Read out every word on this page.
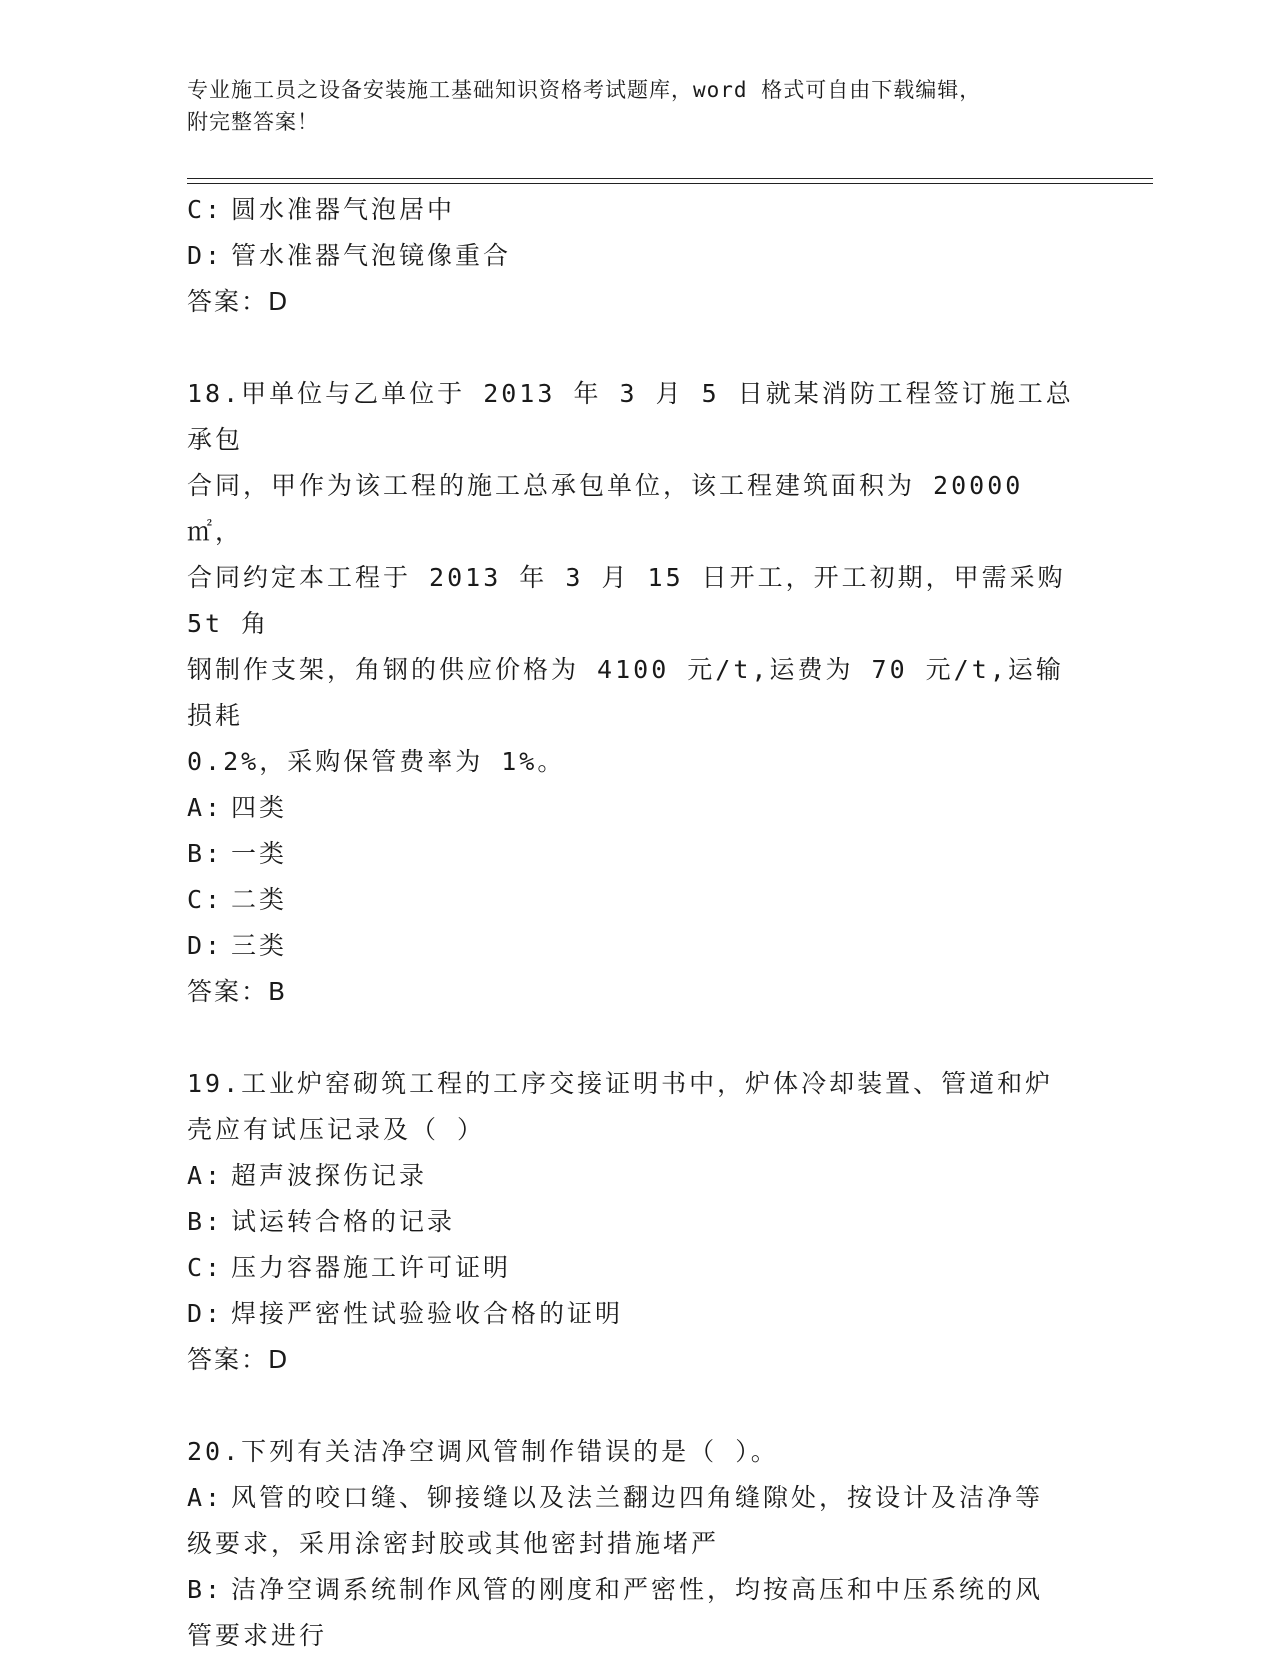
专业施工员之设备安装施工基础知识资格考试题库，word 格式可自由下载编辑，
附完整答案！
C: 圆水准器气泡居中
D: 管水准器气泡镜像重合
答案：D
18.甲单位与乙单位于 2013 年 3 月 5 日就某消防工程签订施工总承包
合同，甲作为该工程的施工总承包单位，该工程建筑面积为 20000㎡，
合同约定本工程于 2013 年 3 月 15 日开工，开工初期，甲需采购 5t 角
钢制作支架，角钢的供应价格为 4100 元/t,运费为 70 元/t,运输损耗
0.2%，采购保管费率为 1%。
A: 四类
B: 一类
C: 二类
D: 三类
答案：B
19.工业炉窑砌筑工程的工序交接证明书中，炉体冷却装置、管道和炉
壳应有试压记录及（ ）
A: 超声波探伤记录
B: 试运转合格的记录
C: 压力容器施工许可证明
D: 焊接严密性试验验收合格的证明
答案：D
20.下列有关洁净空调风管制作错误的是（ ）。
A: 风管的咬口缝、铆接缝以及法兰翻边四角缝隙处，按设计及洁净等
级要求，采用涂密封胶或其他密封措施堵严
B: 洁净空调系统制作风管的刚度和严密性，均按高压和中压系统的风
管要求进行
